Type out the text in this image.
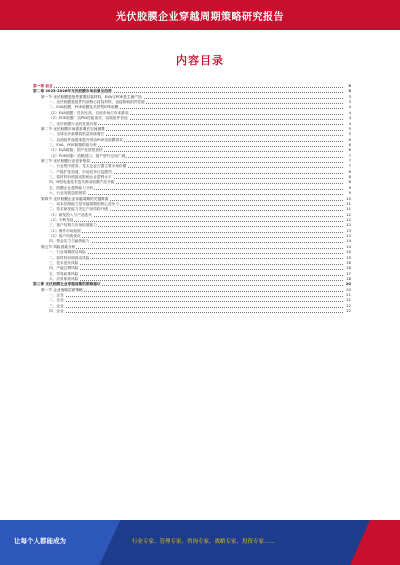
光伏胶膜企业穿越周期策略研究报告
内容目录
第一章 前言	3
第二章 2025-2026年光伏胶膜市场前景及趋势	3
第一节 光伏胶膜是组件重要封装材料，EVA与POE是主流产品	3
一、光伏胶膜是组件内部核心封装材料，直接影响组件性能	3
二、EVA胶膜、POE胶膜及共挤型EPE胶膜	4
（1）EVA胶膜：性价比高，目前市场占有率最高	4
（2）POE胶膜：抗PID性能优异，双玻组件首选	4
三、光伏胶膜行业的发展历程	4
第二节 光伏胶膜市场需求增长空间测算	5
一、全球光伏新增装机量持续增长	5
二、双面组件渗透率提升带动POE类胶膜需求	6
三、EVA、POE树脂供给分析	6
（1）EVA树脂：国产化进程加快	6
（2）POE树脂：依赖进口，国产替代空间广阔	7
第三节 光伏胶膜行业竞争格局	7
一、行业集中度高，龙头企业占据主要市场份额	7
二、产能扩张加速，市场竞争日趋激烈	8
三、原材料价格波动影响企业盈利水平	8
四、N型电池技术迭代推动胶膜产品升级	8
五、胶膜企业盈利能力分析	9
六、行业发展趋势展望	9
第四节 光伏胶膜企业穿越周期的关键要素	10
一、成本控制能力是穿越周期的核心竞争力	11
二、技术研发能力决定产品结构升级	11
（1）研发投入与产品迭代	12
（2）专利布局	12
三、客户结构与市场拓展能力	12
（1）海外市场拓展	13
（2）客户结构优化	13
四、资金实力与融资能力	14
第五节 风险因素分析	14
一、行业周期波动风险	15
二、原材料价格波动风险	15
三、技术迭代风险	16
四、产能过剩风险	16
五、贸易政策风险	17
六、应收账款风险	18
第三章 光伏胶膜企业穿越周期的策略建议	20
第一节 企业战略层面策略	20
一、企业	21
二、企业	21
三、企业	22
四、企业	22
让每个人都能成为	行业专家、管理专家、咨询专家、战略专家、投资专家……
